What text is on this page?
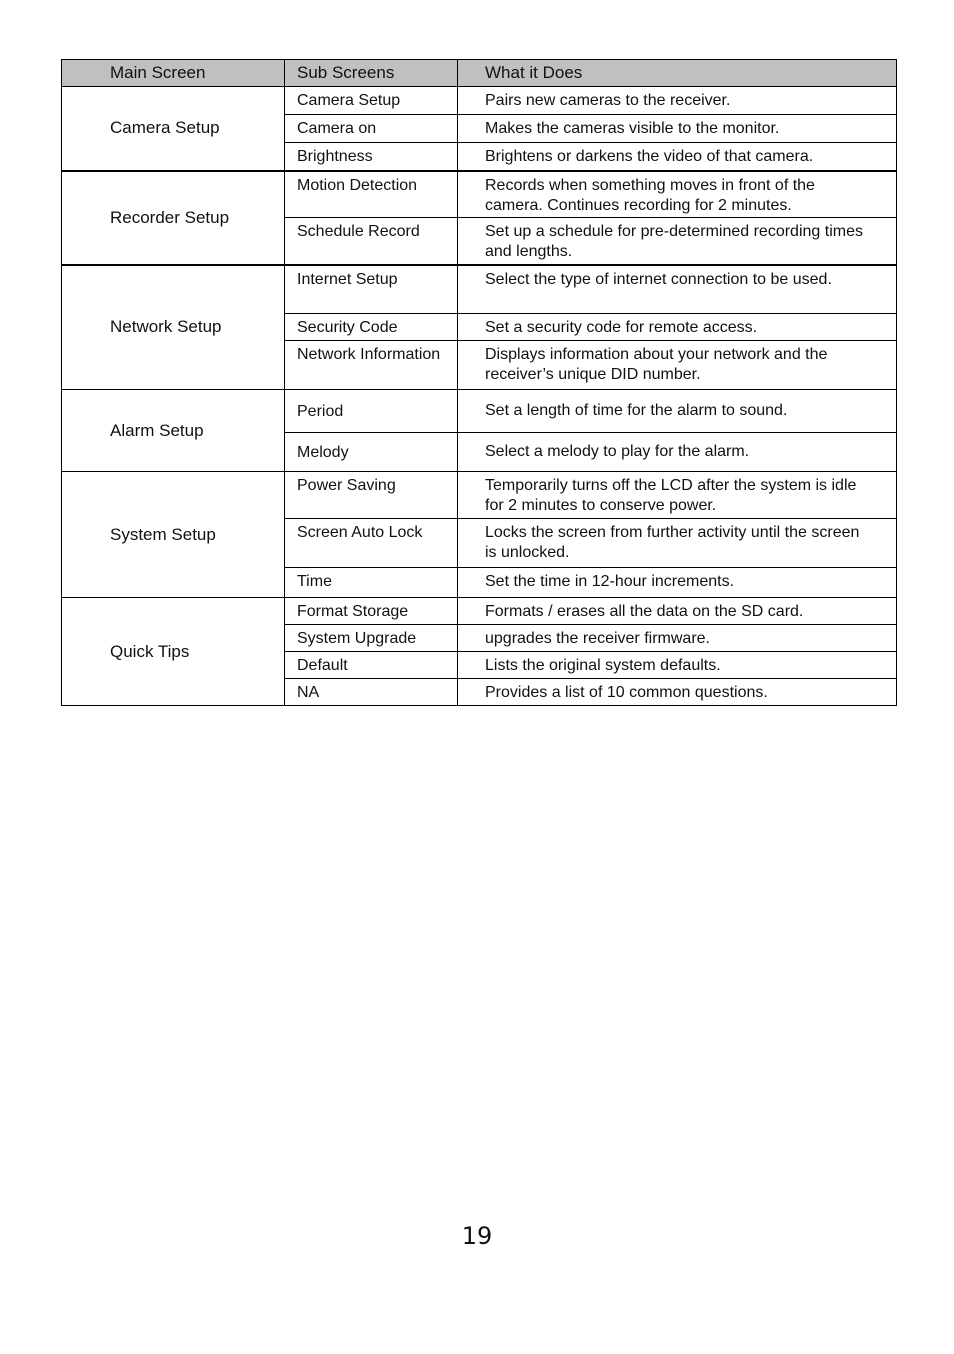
Main Screen	Sub Screens	What it Does
Camera Setup	Camera Setup	Pairs new cameras to the receiver.
	Camera on	Makes the cameras visible to the monitor.
	Brightness	Brightens or darkens the video of that camera.
Recorder Setup	Motion Detection	Records when something moves in front of the camera. Continues recording for 2 minutes.
	Schedule Record	Set up a schedule for pre-determined recording times and lengths.
Network Setup	Internet Setup	Select the type of internet connection to be used.
	Security Code	Set a security code for remote access.
	Network Information	Displays information about your network and the receiver’s unique DID number.
Alarm Setup	Period	Set a length of time for the alarm to sound.
	Melody	Select a melody to play for the alarm.
System Setup	Power Saving	Temporarily turns off the LCD after the system is idle for 2 minutes to conserve power.
	Screen Auto Lock	Locks the screen from further activity until the screen is unlocked.
	Time	Set the time in 12-hour increments.
Quick Tips	Format Storage	Formats / erases all the data on the SD card.
	System Upgrade	upgrades the receiver firmware.
	Default	Lists the original system defaults.
	NA	Provides a list of 10 common questions.
19
